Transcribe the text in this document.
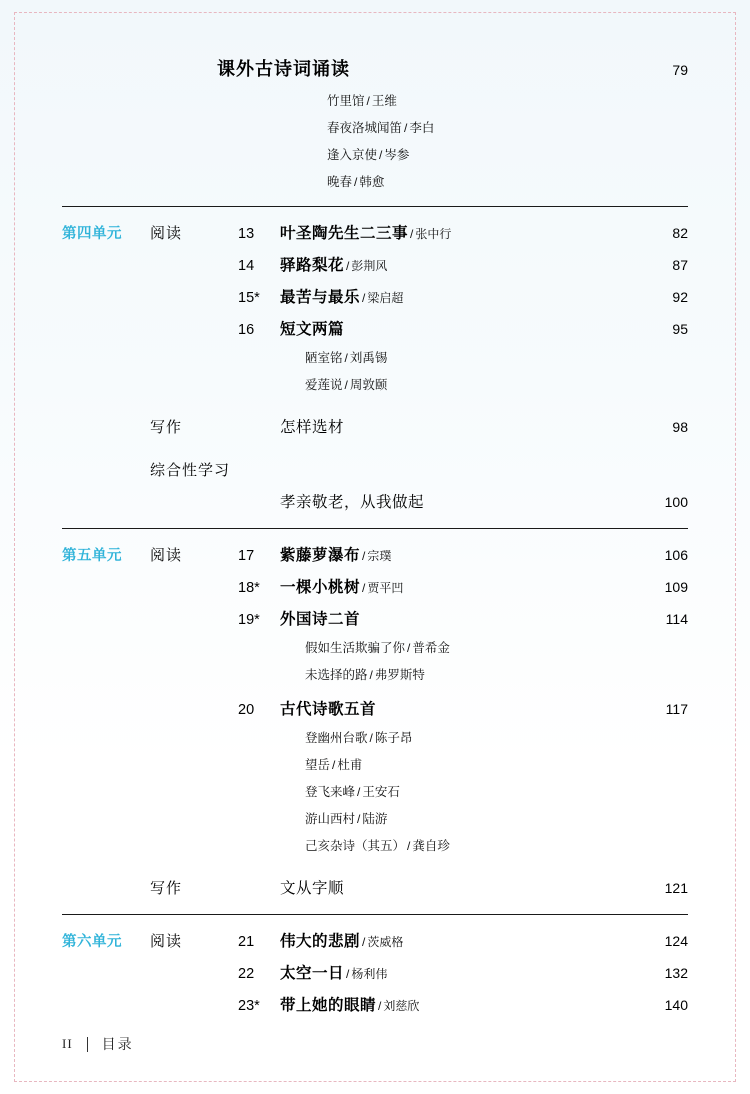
课外古诗词诵读	79
竹里馆 / 王维
春夜洛城闻笛 / 李白
逢入京使 / 岑参
晚春 / 韩愈
第四单元	阅读	13	叶圣陶先生二三事 / 张中行	82
14	驿路梨花 / 彭荆风	87
15*	最苦与最乐 / 梁启超	92
16	短文两篇	95
陋室铭 / 刘禹锡
爱莲说 / 周敦颐
写作	怎样选材	98
综合性学习
孝亲敬老，从我做起	100
第五单元	阅读	17	紫藤萝瀑布 / 宗璞	106
18*	一棵小桃树 / 贾平凹	109
19*	外国诗二首	114
假如生活欺骗了你 / 普希金
未选择的路 / 弗罗斯特
20	古代诗歌五首	117
登幽州台歌 / 陈子昂
望岳 / 杜甫
登飞来峰 / 王安石
游山西村 / 陆游
己亥杂诗（其五） / 龚自珍
写作	文从字顺	121
第六单元	阅读	21	伟大的悲剧 / 茨威格	124
22	太空一日 / 杨利伟	132
23*	带上她的眼睛 / 刘慈欣	140
II 目录
